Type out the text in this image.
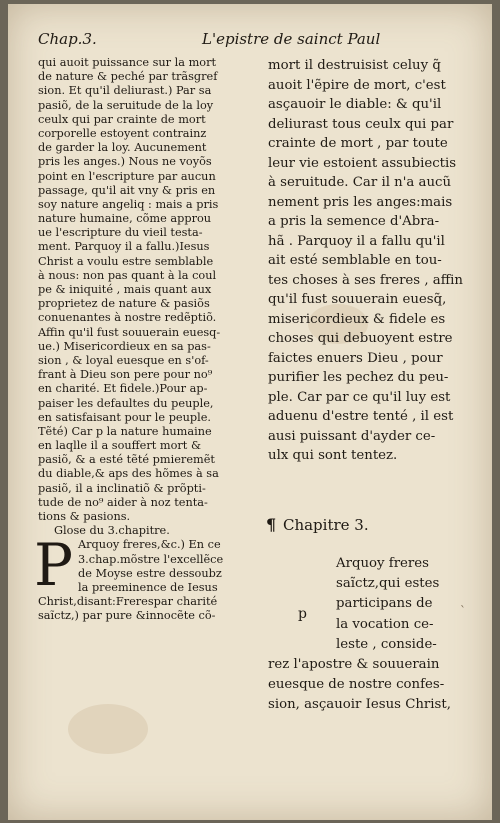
Chap.3.	L'epistre de sainct Paul
qui auoit puissance sur la mort
de nature & peché par trãsgref
sion. Et qu'il deliurast.) Par sa
pasiõ, de la seruitude de la loy
ceulx qui par crainte de mort
corporelle estoyent contrainz
de garder la loy. Aucunement
pris les anges.) Nous ne voyõs
point en l'escripture par aucun
passage, qu'il ait vny & pris en
soy nature angeliq : mais a pris
nature humaine, cõme approu
ue l'escripture du vieil testa-
ment. Parquoy il a fallu.)Iesus
Christ a voulu estre semblable
à nous: non pas quant à la coul
pe & iniquité , mais quant aux
proprietez de nature & pasiõs
conuenantes à nostre redẽptiõ.
Affin qu'il fust souuerain euesq-
ue.) Misericordieux en sa pas-
sion , & loyal euesque en s'of-
frant à Dieu son pere pour no⁹
en charité. Et fidele.)Pour ap-
paiser les defaultes du peuple,
en satisfaisant pour le peuple.
Tẽté) Car p la nature humaine
en laqlle il a souffert mort &
pasiõ, & a esté tẽté pmieremẽt
du diable,& aps des hõmes à sa
pasiõ, il a inclinatiõ & prõpti-
tude de no⁹ aider à noz tenta-
tions & pasions.
Glose du 3.chapitre.
P Arquoy freres,&c.) En ce
3.chap.mõstre l'excellẽce
de Moyse estre dessoubz
la preeminence de Iesus
Christ,disant:Frerespar charité
saĩctz,) par pure &innocẽte cõ-
mort il destruisist celuy q̃
auoit l'ẽpire de mort, c'est
asçauoir le diable: & qu'il
deliurast tous ceulx qui par
crainte de mort , par toute
leur vie estoient assubiectis
à seruitude. Car il n'a aucũ
nement pris les anges:mais
a pris la semence d'Abra-
hã . Parquoy il a fallu qu'il
ait esté semblable en tou-
tes choses à ses freres , affin
qu'il fust souuerain euesq̃,
misericordieux & fidele es
choses qui debuoyent estre
faictes enuers Dieu , pour
purifier les pechez du peu-
ple. Car par ce qu'il luy est
aduenu d'estre tenté , il est
ausi puissant d'ayder ce-
ulx qui sont tentez.
¶ Chapitre 3.
p
Arquoy freres
saĩctz,qui estes
participans de
la vocation ce-
leste , conside-
rez l'apostre & souuerain
euesque de nostre confes-
sion, asçauoir Iesus Christ,
ˋ
